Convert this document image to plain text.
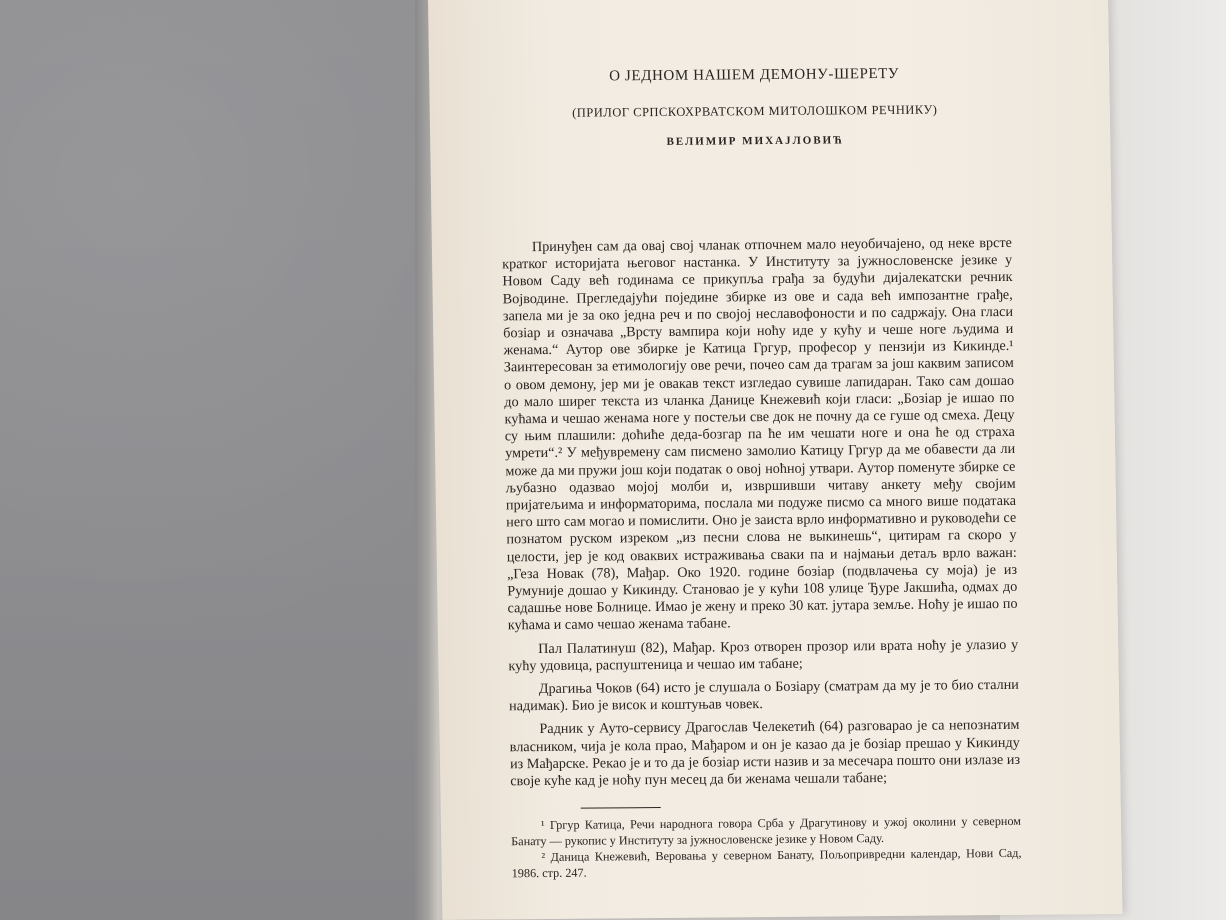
О ЈЕДНОМ НАШЕМ ДЕМОНУ-ШЕРЕТУ
(ПРИЛОГ СРПСКОХРВАТСКОМ МИТОЛОШКОМ РЕЧНИКУ)
ВЕЛИМИР МИХАЈЛОВИЋ

Принуђен сам да овај свој чланак отпочнем мало неуобичајено, од неке врсте кратког историјата његовог настанка. У Институту за јужнословенске језике у Новом Саду већ годинама се прикупља грађа за будући дијалекатски речник Војводине. Прегледајући поједине збирке из ове и сада већ импозантне грађе, запела ми је за око једна реч и по својој неславофоности и по садржају. Она гласи бозіар и означава „Врсту вампира који ноћу иде у кућу и чеше ноге људима и женама.“ Аутор ове збирке је Катица Гргур, професор у пензији из Кикинде.¹ Заинтересован за етимологију ове речи, почео сам да трагам за још каквим записом о овом демону, јер ми је овакав текст изгледао сувише лапидаран. Тако сам дошао до мало ширег текста из чланка Данице Кнежевић који гласи: „Бозіар је ишао по кућама и чешао женама ноге у постељи све док не почну да се гуше од смеха. Децу су њим плашили: доћиће деда-бозгар па ће им чешати ноге и она ће од страха умрети“.² У међувремену сам писмено замолио Катицу Гргур да ме обавести да ли може да ми пружи још који податак о овој ноћној утвари. Аутор поменуте збирке се љубазно одазвао мојој молби и, извршивши читаву анкету међу својим пријатељима и информаторима, послала ми подуже писмо са много више података него што сам могао и помислити. Оно је заиста врло информативно и руководећи се познатом руском изреком „из песни слова не выкинешь“, цитирам га скоро у целости, јер је код оваквих истраживања сваки па и најмањи детаљ врло важан: „Геза Новак (78), Мађар. Око 1920. године бозіар (подвлачења су моја) је из Румуније дошао у Кикинду. Становао је у кући 108 улице Ђуре Јакшића, одмах до садашње нове Болнице. Имао је жену и преко 30 кат. јутара земље. Ноћу је ишао по кућама и само чешао женама табане.

Пал Палатинуш (82), Мађар. Кроз отворен прозор или врата ноћу је улазио у кућу удовица, распуштеница и чешао им табане;

Драгиња Чоков (64) исто је слушала о Бозіару (сматрам да му је то био стални надимак). Био је висок и коштуњав човек.

Радник у Ауто-сервису Драгослав Челекетић (64) разговарао је са непознатим власником, чија је кола прао, Мађаром и он је казао да је бозіар прешао у Кикинду из Мађарске. Рекао је и то да је бозіар исти назив и за месечара пошто они излазе из своје куће кад је ноћу пун месец да би женама чешали табане;

¹ Гргур Катица, Речи народнога говора Срба у Драгутинову и ужој околини у северном Банату — рукопис у Институту за јужнословенске језике у Новом Саду.

² Даница Кнежевић, Веровања у северном Банату, Пољопривредни календар, Нови Сад, 1986. стр. 247.
